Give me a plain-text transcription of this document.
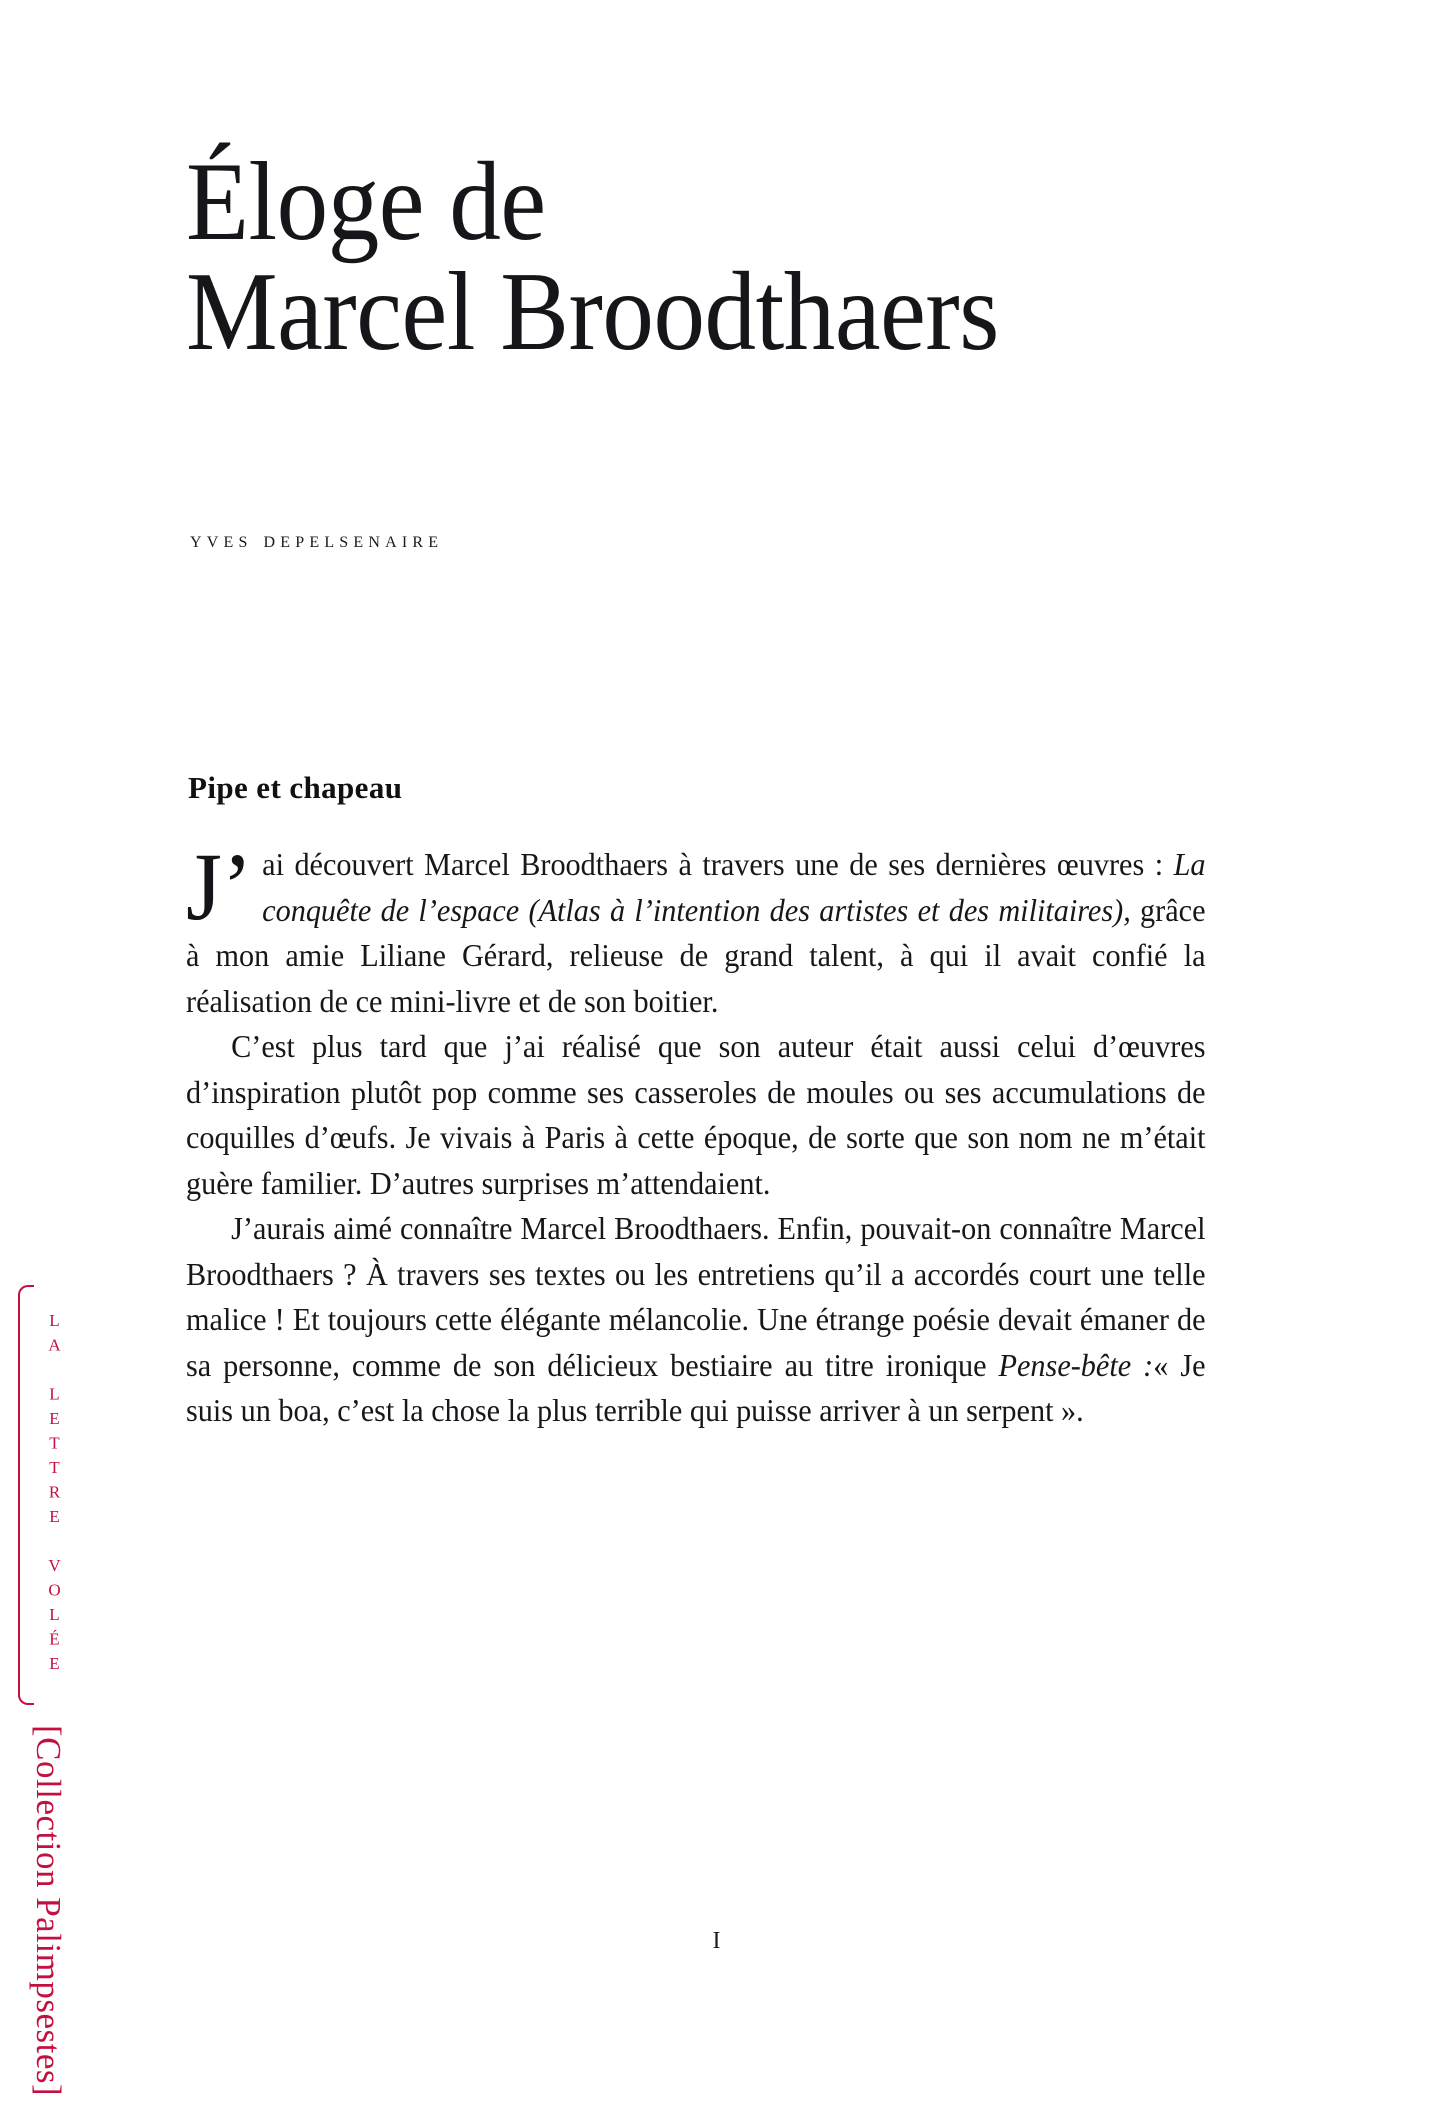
LA LETTRE VOLÉE
[Collection Palimpsestes]
Éloge de
Marcel Broodthaers
yves depelsenaire
Pipe et chapeau

J’ ai découvert Marcel Broodthaers à travers une de ses dernières œuvres : La conquête de l’espace (Atlas à l’intention des artistes et des militaires), grâce à mon amie Liliane Gérard, relieuse de grand talent, à qui il avait confié la réalisation de ce mini-livre et de son boitier.

C’est plus tard que j’ai réalisé que son auteur était aussi celui d’œuvres d’inspiration plutôt pop comme ses casseroles de moules ou ses accumulations de coquilles d’œufs. Je vivais à Paris à cette époque, de sorte que son nom ne m’était guère familier. D’autres surprises m’attendaient.

J’aurais aimé connaître Marcel Broodthaers. Enfin, pouvait-on connaître Marcel Broodthaers ? À travers ses textes ou les entretiens qu’il a accordés court une telle malice ! Et toujours cette élégante mélancolie. Une étrange poésie devait émaner de sa personne, comme de son délicieux bestiaire au titre ironique Pense-bête :« Je suis un boa, c’est la chose la plus terrible qui puisse arriver à un serpent ».

I
